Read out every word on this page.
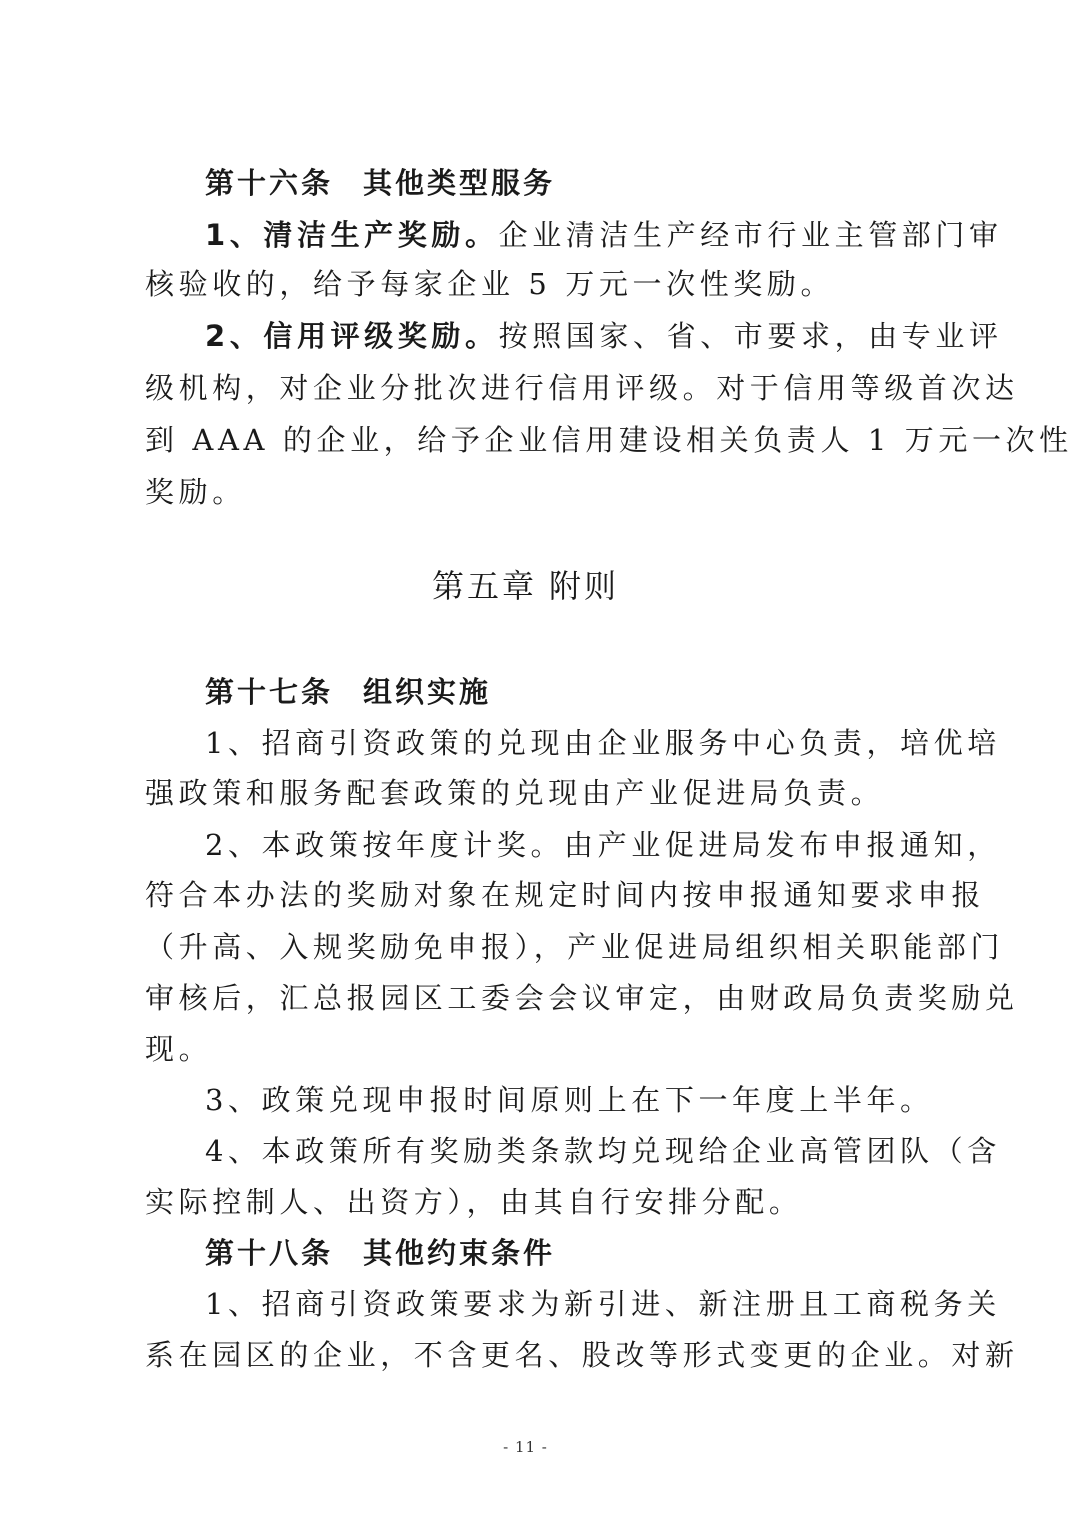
第十六条 其他类型服务
1、清洁生产奖励。企业清洁生产经市行业主管部门审
核验收的，给予每家企业 5 万元一次性奖励。
2、信用评级奖励。按照国家、省、市要求，由专业评
级机构，对企业分批次进行信用评级。对于信用等级首次达
到 AAA 的企业，给予企业信用建设相关负责人 1 万元一次性
奖励。
第五章 附则
第十七条 组织实施
1、招商引资政策的兑现由企业服务中心负责，培优培
强政策和服务配套政策的兑现由产业促进局负责。
2、本政策按年度计奖。由产业促进局发布申报通知，
符合本办法的奖励对象在规定时间内按申报通知要求申报
（升高、入规奖励免申报），产业促进局组织相关职能部门
审核后，汇总报园区工委会会议审定，由财政局负责奖励兑
现。
3、政策兑现申报时间原则上在下一年度上半年。
4、本政策所有奖励类条款均兑现给企业高管团队（含
实际控制人、出资方），由其自行安排分配。
第十八条 其他约束条件
1、招商引资政策要求为新引进、新注册且工商税务关
系在园区的企业，不含更名、股改等形式变更的企业。对新
- 11 -
